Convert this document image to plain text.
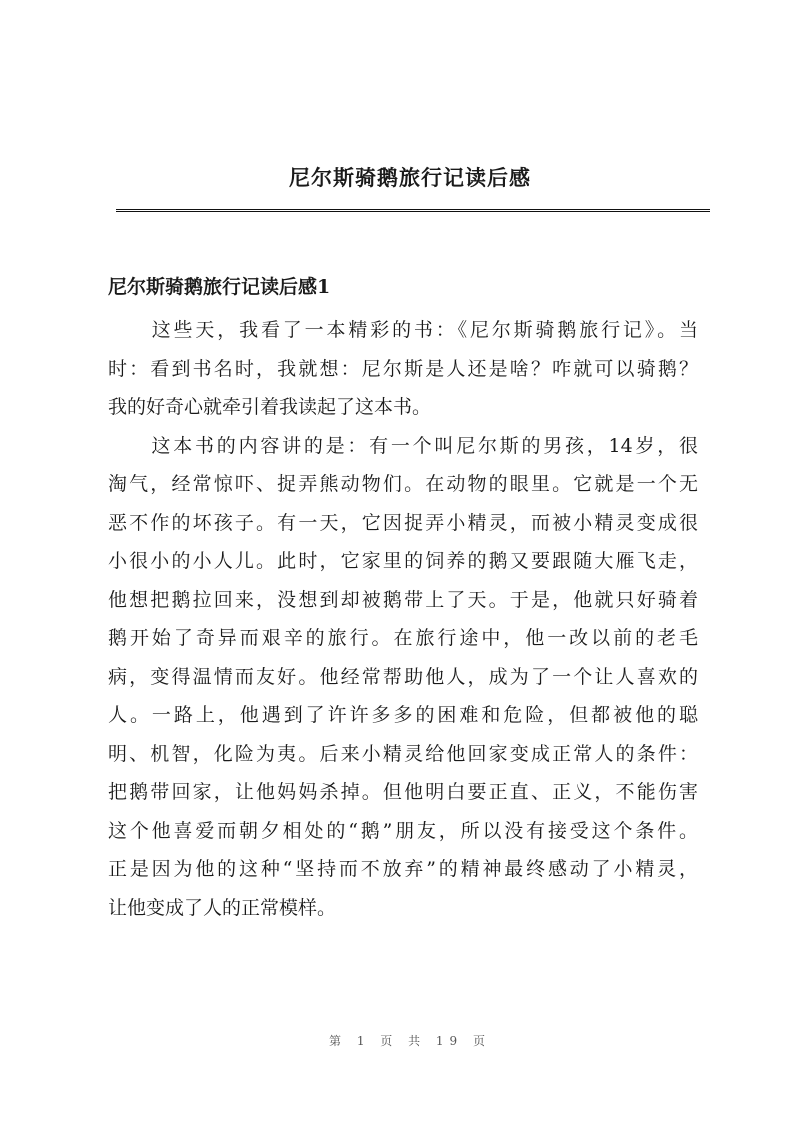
尼尔斯骑鹅旅行记读后感
尼尔斯骑鹅旅行记读后感1
　　这些天，我看了一本精彩的书：《尼尔斯骑鹅旅行记》。当
时：看到书名时，我就想：尼尔斯是人还是啥？咋就可以骑鹅？
我的好奇心就牵引着我读起了这本书。
　　这本书的内容讲的是：有一个叫尼尔斯的男孩，14岁，很
淘气，经常惊吓、捉弄熊动物们。在动物的眼里。它就是一个无
恶不作的坏孩子。有一天，它因捉弄小精灵，而被小精灵变成很
小很小的小人儿。此时，它家里的饲养的鹅又要跟随大雁飞走，
他想把鹅拉回来，没想到却被鹅带上了天。于是，他就只好骑着
鹅开始了奇异而艰辛的旅行。在旅行途中，他一改以前的老毛
病，变得温情而友好。他经常帮助他人，成为了一个让人喜欢的
人。一路上，他遇到了许许多多的困难和危险，但都被他的聪
明、机智，化险为夷。后来小精灵给他回家变成正常人的条件：
把鹅带回家，让他妈妈杀掉。但他明白要正直、正义，不能伤害
这个他喜爱而朝夕相处的“鹅”朋友，所以没有接受这个条件。
正是因为他的这种“坚持而不放弃”的精神最终感动了小精灵，
让他变成了人的正常模样。
第 1 页 共 19 页
